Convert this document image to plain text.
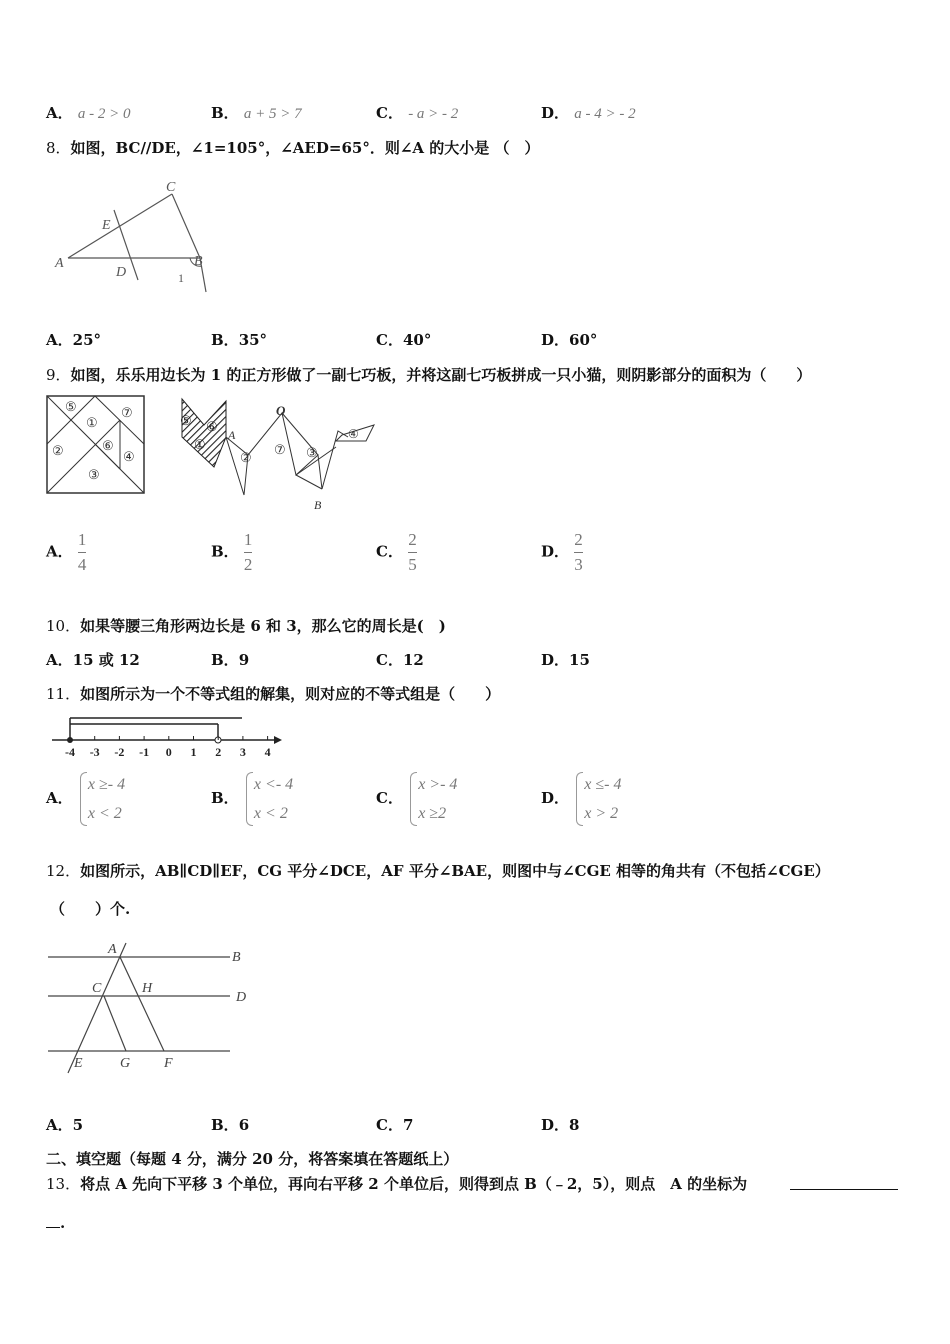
A． a - 2 > 0	B． a + 5 > 7	C． - a > - 2	D． a - 4 > - 2
8．如图，BC//DE，∠1=105°，∠AED=65°．则∠A 的大小是 （　）
A	B
C
D
E
1
A．25°	B．35°	C．40°	D．60°
9．如图，乐乐用边长为 1 的正方形做了一副七巧板，并将这副七巧板拼成一只小猫，则阴影部分的面积为（　　）
⑤
①
⑦
②	⑥
④
③
⑤ ⑥
①
A
O
B
②
⑦ ③
④
A． $\frac{1}{4}$	B． $\frac{1}{2}$	C． $\frac{2}{5}$	D． $\frac{2}{3}$
10．如果等腰三角形两边长是 6 和 3，那么它的周长是(　)
A．15 或 12	B．9	C．12	D．15
11．如图所示为一个不等式组的解集，则对应的不等式组是（　　）
-4 -3 -2 -1 0 1 2 3 4
A．
x ≥- 4
x < 2
B．
x <- 4
x < 2
C．
x >- 4
x ≥2
D．
x ≤- 4
x > 2
12．如图所示，AB∥CD∥EF，CG 平分∠DCE，AF 平分∠BAE，则图中与∠CGE 相等的角共有（不包括∠CGE）
（　　）个.
A
B
C	H
D
E	G F
A．5	B．6	C．7	D．8
二、填空题（每题 4 分，满分 20 分，将答案填在答题纸上）
13．将点 A 先向下平移 3 个单位，再向右平移 2 个单位后，则得到点 B（﹣2，5），则点　A 的坐标为
.
